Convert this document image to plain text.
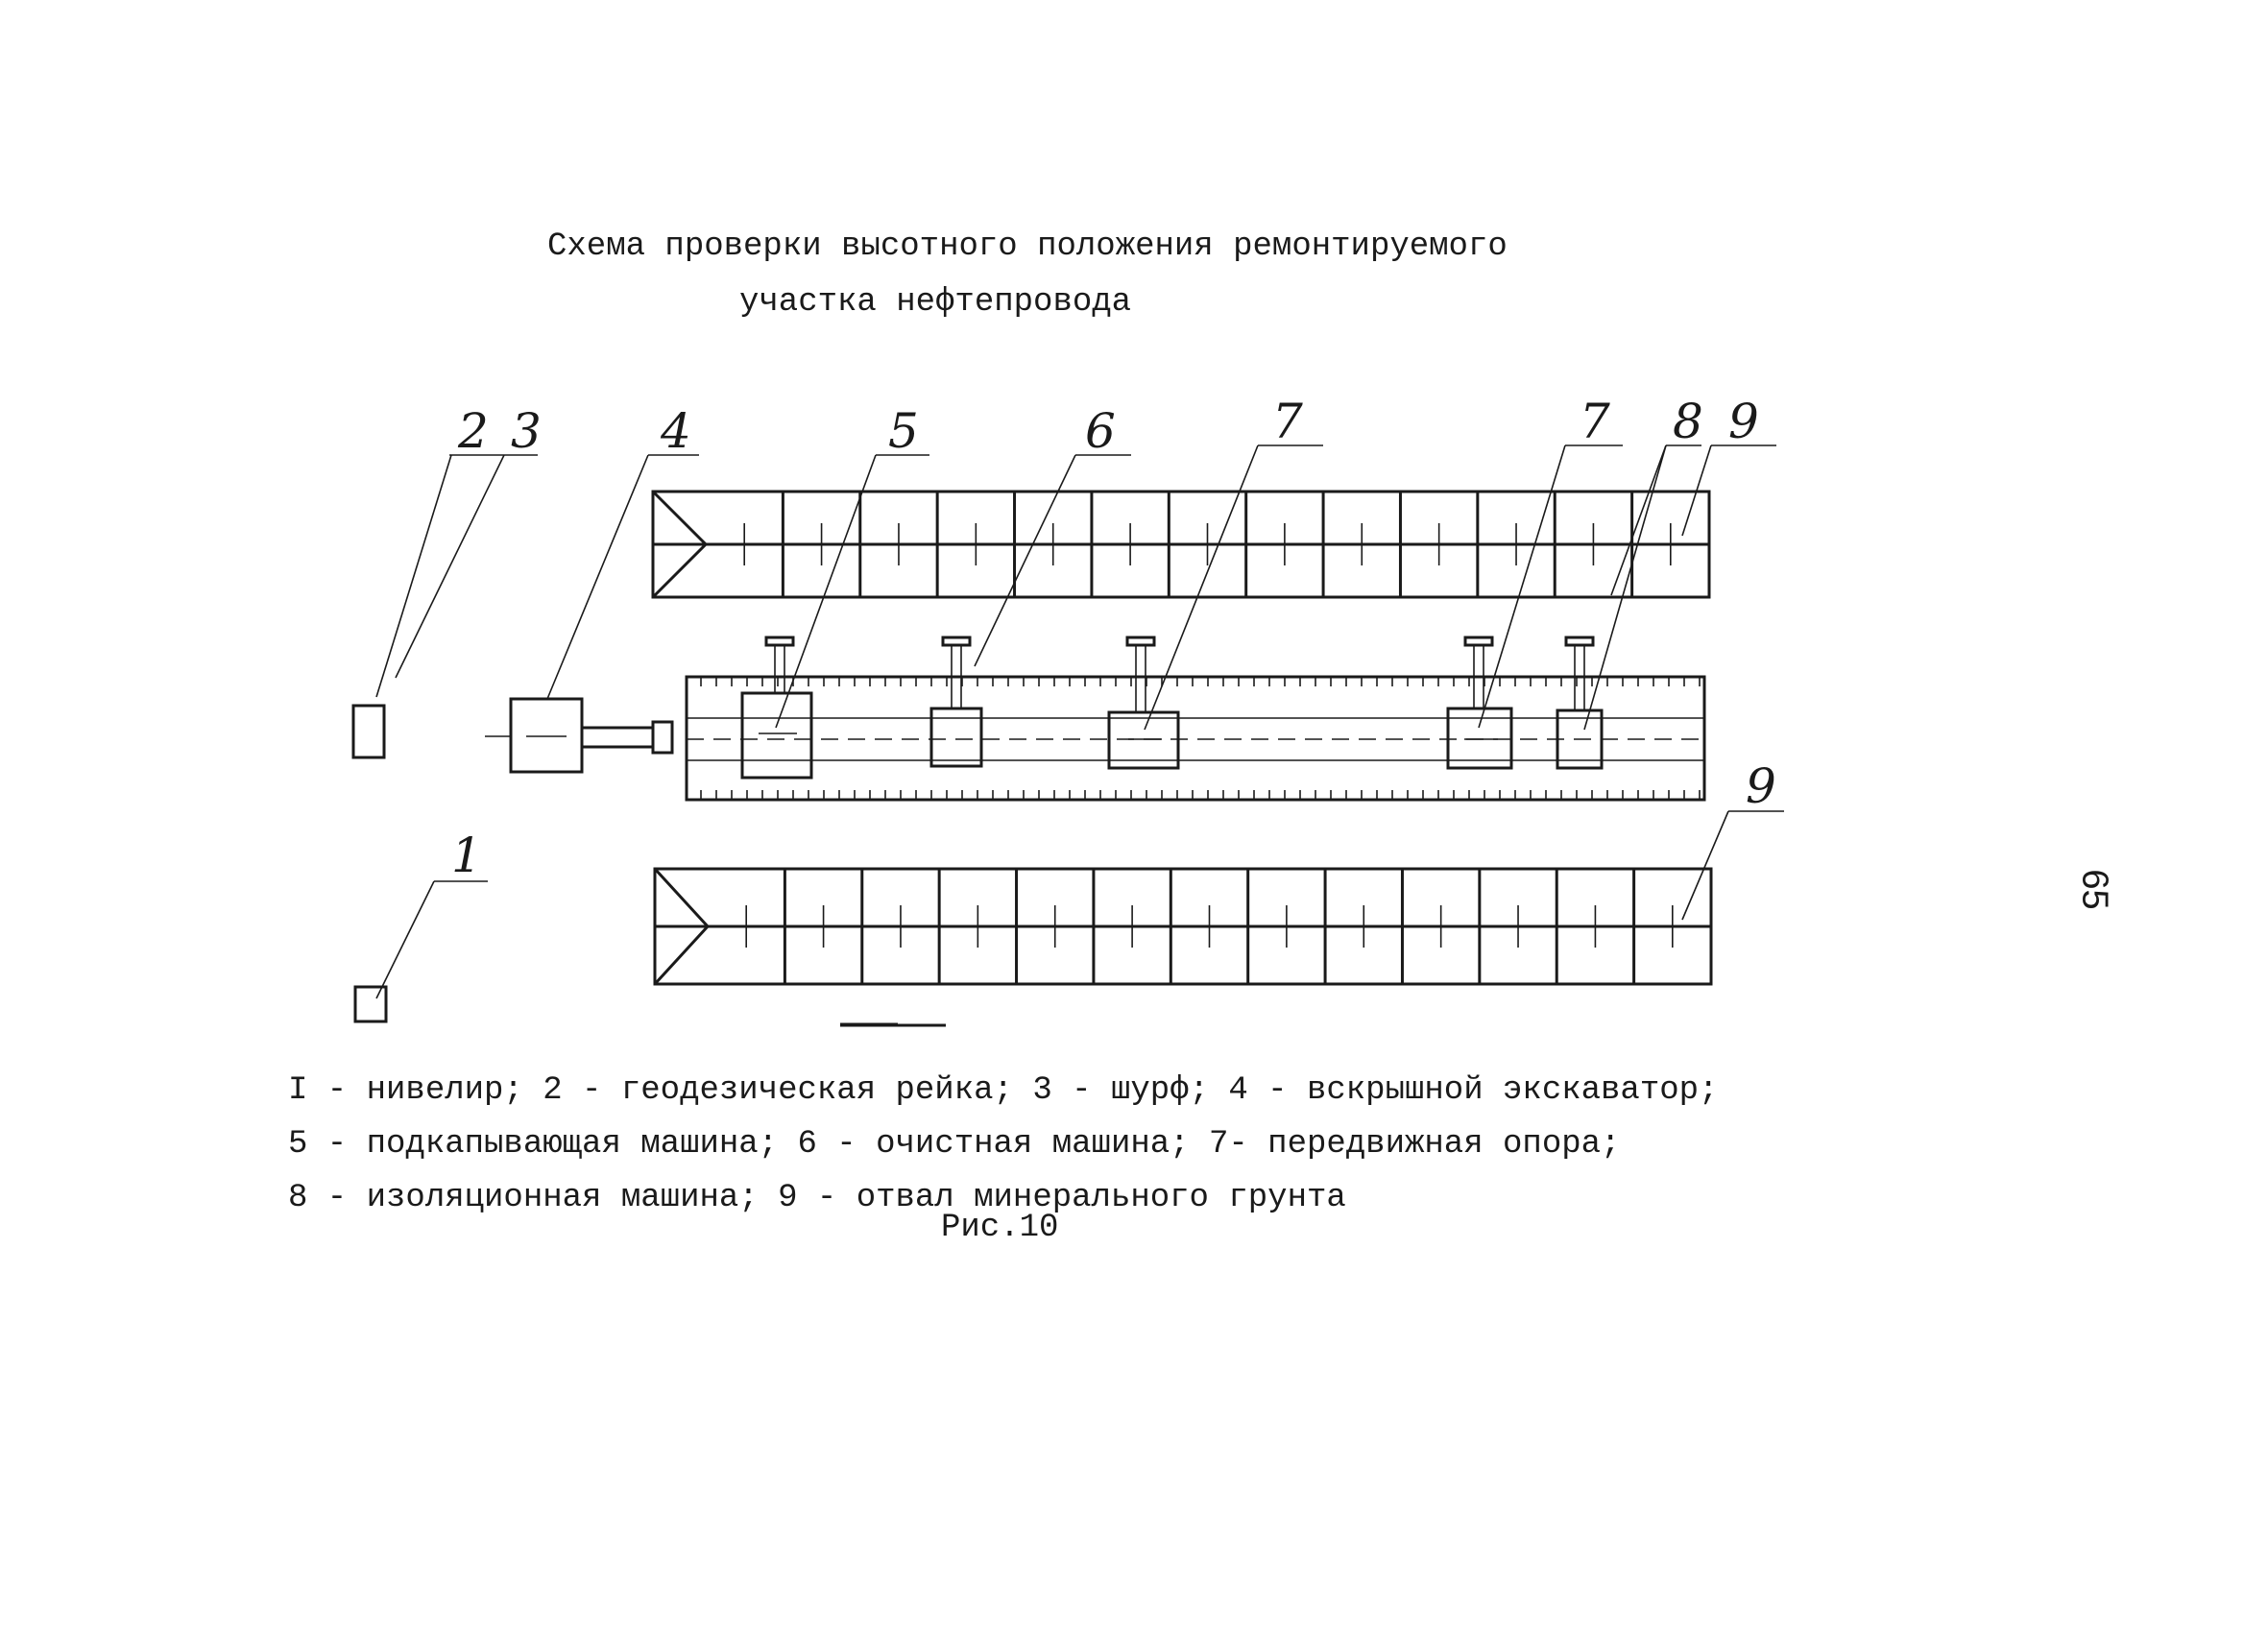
Схема проверки высотного положения ремонтируемого
участка нефтепровода
2 3 4	5	6	7	7 8 9
9
1
I - нивелир; 2 - геодезическая рейка; 3 - шурф; 4 - вскрышной экскаватор;
5 - подкапывающая машина; 6 - очистная машина; 7- передвижная опора;
8 - изоляционная машина; 9 - отвал минерального грунта
Рис.10
65
